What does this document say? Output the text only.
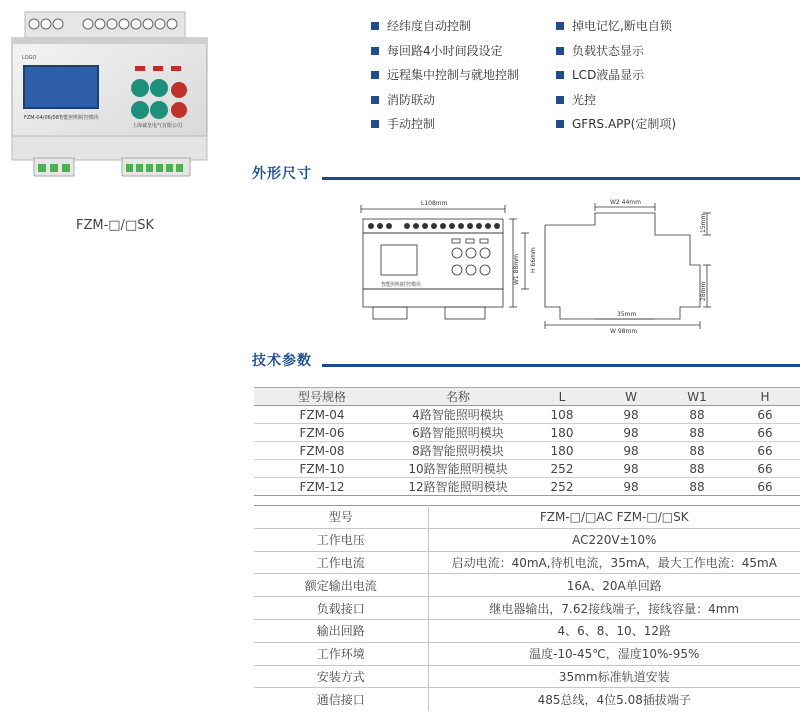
LOGO
FZM-04/06/08智能照明时控模块
上海诚皇电气有限公司
FZM-□/□SK
经纬度自动控制
每回路4小时间段设定
远程集中控制与就地控制
消防联动
手动控制
掉电记忆,断电自锁
负载状态显示
LCD液晶显示
光控
GFRS.APP(定制项)
外形尺寸
L108mm
智能照明时控模块	W1 88mm H 66mm
W2 44mm
15mm
28mm
35mm
W 98mm
技术参数
型号规格	名称	L	W	W1	H
FZM-04	4路智能照明模块	108	98	88	66
FZM-06	6路智能照明模块	180	98	88	66
FZM-08	8路智能照明模块	180	98	88	66
FZM-10	10路智能照明模块	252	98	88	66
FZM-12	12路智能照明模块	252	98	88	66
型号	FZM-□/□AC FZM-□/□SK
工作电压	AC220V±10%
工作电流	启动电流：40mA,待机电流，35mA，最大工作电流：45mA
额定输出电流	16A、20A单回路
负载接口	继电器输出，7.62接线端子，接线容量：4mm
输出回路	4、6、8、10、12路
工作环境	温度-10-45℃，湿度10%-95%
安装方式	35mm标准轨道安装
通信接口	485总线，4位5.08插拔端子
